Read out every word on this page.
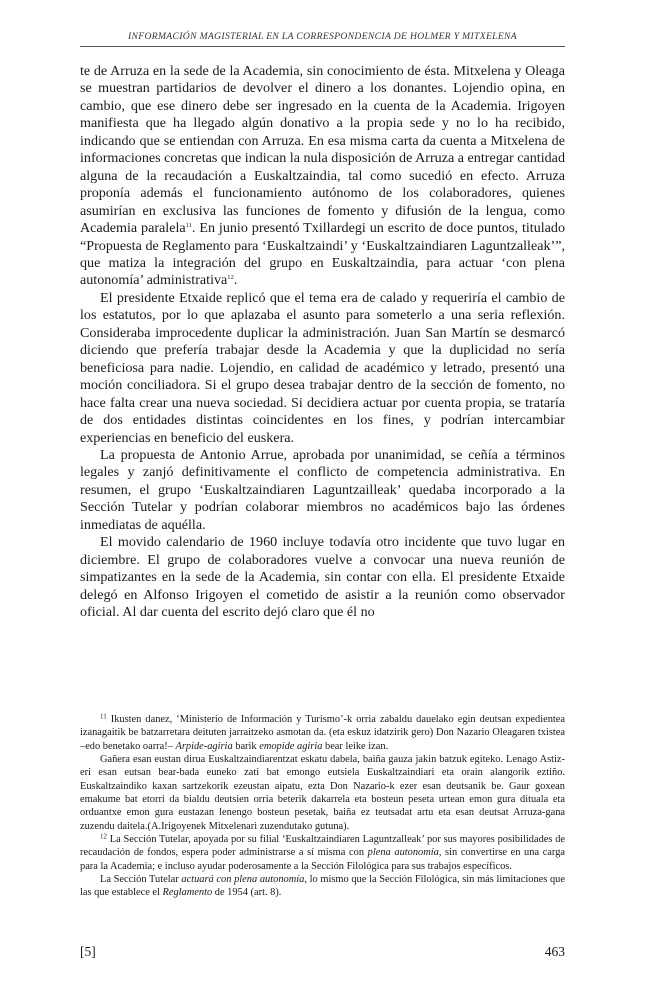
INFORMACIÓN MAGISTERIAL EN LA CORRESPONDENCIA DE HOLMER Y MITXELENA

te de Arruza en la sede de la Academia, sin conocimiento de ésta. Mitxelena y Oleaga se muestran partidarios de devolver el dinero a los donantes. Lojendio opina, en cambio, que ese dinero debe ser ingresado en la cuenta de la Academia. Irigoyen manifiesta que ha llegado algún donativo a la propia sede y no lo ha recibido, indicando que se entiendan con Arruza. En esa misma carta da cuenta a Mitxelena de informaciones concretas que indican la nula disposición de Arruza a entregar cantidad alguna de la recaudación a Euskaltzaindia, tal como sucedió en efecto. Arruza proponía además el funcionamiento autónomo de los colaboradores, quienes asumirían en exclusiva las funciones de fomento y difusión de la lengua, como Academia paralela$^{11}$. En junio presentó Txillardegi un escrito de doce puntos, titulado “Propuesta de Reglamento para ‘Euskaltzaindi’ y ‘Euskaltzaindiaren Laguntzalleak’”, que matiza la integración del grupo en Euskaltzaindia, para actuar ‘con plena autonomía’ administrativa$^{12}$.

El presidente Etxaide replicó que el tema era de calado y requeriría el cambio de los estatutos, por lo que aplazaba el asunto para someterlo a una seria reflexión. Consideraba improcedente duplicar la administración. Juan San Martín se desmarcó diciendo que prefería trabajar desde la Academia y que la duplicidad no sería beneficiosa para nadie. Lojendio, en calidad de académico y letrado, presentó una moción conciliadora. Si el grupo desea trabajar dentro de la sección de fomento, no hace falta crear una nueva sociedad. Si decidiera actuar por cuenta propia, se trataría de dos entidades distintas coincidentes en los fines, y podrían intercambiar experiencias en beneficio del euskera.

La propuesta de Antonio Arrue, aprobada por unanimidad, se ceñía a términos legales y zanjó definitivamente el conflicto de competencia administrativa. En resumen, el grupo ‘Euskaltzaindiaren Laguntzailleak’ quedaba incorporado a la Sección Tutelar y podrían colaborar miembros no académicos bajo las órdenes inmediatas de aquélla.

El movido calendario de 1960 incluye todavía otro incidente que tuvo lugar en diciembre. El grupo de colaboradores vuelve a convocar una nueva reunión de simpatizantes en la sede de la Academia, sin contar con ella. El presidente Etxaide delegó en Alfonso Irigoyen el cometido de asistir a la reunión como observador oficial. Al dar cuenta del escrito dejó claro que él no

$^{11}$ Ikusten danez, ‘Ministerio de Información y Turismo’-k orria zabaldu dauelako egin deutsan expedientea izanagaitik be batzarretara deituten jarraitzeko asmotan da. (eta eskuz idatzirik gero) Don Nazario Oleagaren txistea –edo benetako oarra!– Arpide-agiria barik emopide agiria bear leike izan.

Gañera esan eustan dirua Euskaltzaindiarentzat eskatu dabela, baiña gauza jakin batzuk egiteko. Lenago Astiz-eri esan eutsan bear-bada euneko zati bat emongo eutsiela Euskaltzaindiari eta orain alangorik eztiño. Euskaltzaindiko kaxan sartzekorik ezeustan aipatu, ezta Don Nazario-k ezer esan deutsanik be. Gaur goxean emakume bat etorri da bialdu deutsien orria beterik dakarrela eta bosteun peseta urtean emon gura dituala eta orduantxe emon gura eustazan lenengo bosteun pesetak, baiña ez teutsadat artu eta esan deutsat Arruza-gana zuzendu daitela.(A.Irigoyenek Mitxelenari zuzendutako gutuna).

$^{12}$ La Sección Tutelar, apoyada por su filial ‘Euskaltzaindiaren Laguntzalleak’ por sus mayores posibilidades de recaudación de fondos, espera poder administrarse a sí misma con plena autonomía, sin convertirse en una carga para la Academia; e incluso ayudar poderosamente a la Sección Filológica para sus trabajos específicos.

La Sección Tutelar actuará con plena autonomía, lo mismo que la Sección Filológica, sin más limitaciones que las que establece el Reglamento de 1954 (art. 8).

[5]	463
